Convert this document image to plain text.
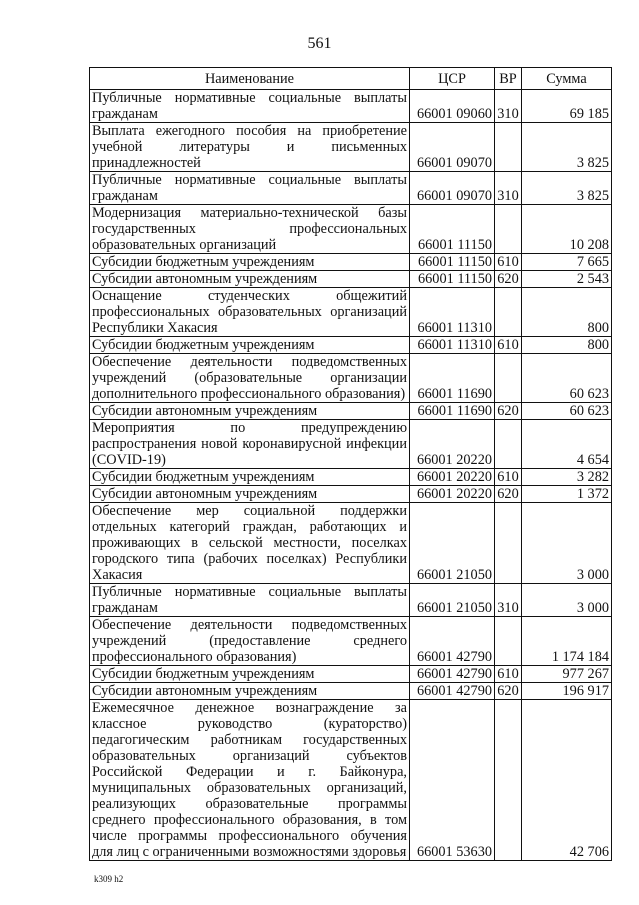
561
Наименование	ЦСР	ВР	Сумма
Публичные нормативные социальные выплаты гражданам	66001 09060	310	69 185
Выплата ежегодного пособия на приобретение учебной литературы и письменных принадлежностей	66001 09070		3 825
Публичные нормативные социальные выплаты гражданам	66001 09070	310	3 825
Модернизация материально-технической базы государственных профессиональных образовательных организаций	66001 11150		10 208
Субсидии бюджетным учреждениям	66001 11150	610	7 665
Субсидии автономным учреждениям	66001 11150	620	2 543
Оснащение студенческих общежитий профессиональных образовательных организаций Республики Хакасия	66001 11310		800
Субсидии бюджетным учреждениям	66001 11310	610	800
Обеспечение деятельности подведомственных учреждений (образовательные организации дополнительного профессионального образования)	66001 11690		60 623
Субсидии автономным учреждениям	66001 11690	620	60 623
Мероприятия по предупреждению распространения новой коронавирусной инфекции (COVID-19)	66001 20220		4 654
Субсидии бюджетным учреждениям	66001 20220	610	3 282
Субсидии автономным учреждениям	66001 20220	620	1 372
Обеспечение мер социальной поддержки отдельных категорий граждан, работающих и проживающих в сельской местности, поселках городского типа (рабочих поселках) Республики Хакасия	66001 21050		3 000
Публичные нормативные социальные выплаты гражданам	66001 21050	310	3 000
Обеспечение деятельности подведомственных учреждений (предоставление среднего профессионального образования)	66001 42790		1 174 184
Субсидии бюджетным учреждениям	66001 42790	610	977 267
Субсидии автономным учреждениям	66001 42790	620	196 917
Ежемесячное денежное вознаграждение за классное руководство (кураторство) педагогическим работникам государственных образовательных организаций субъектов Российской Федерации и г. Байконура, муниципальных образовательных организаций, реализующих образовательные программы среднего профессионального образования, в том числе программы профессионального обучения для лиц с ограниченными возможностями здоровья	66001 53630		42 706
k309 h2
